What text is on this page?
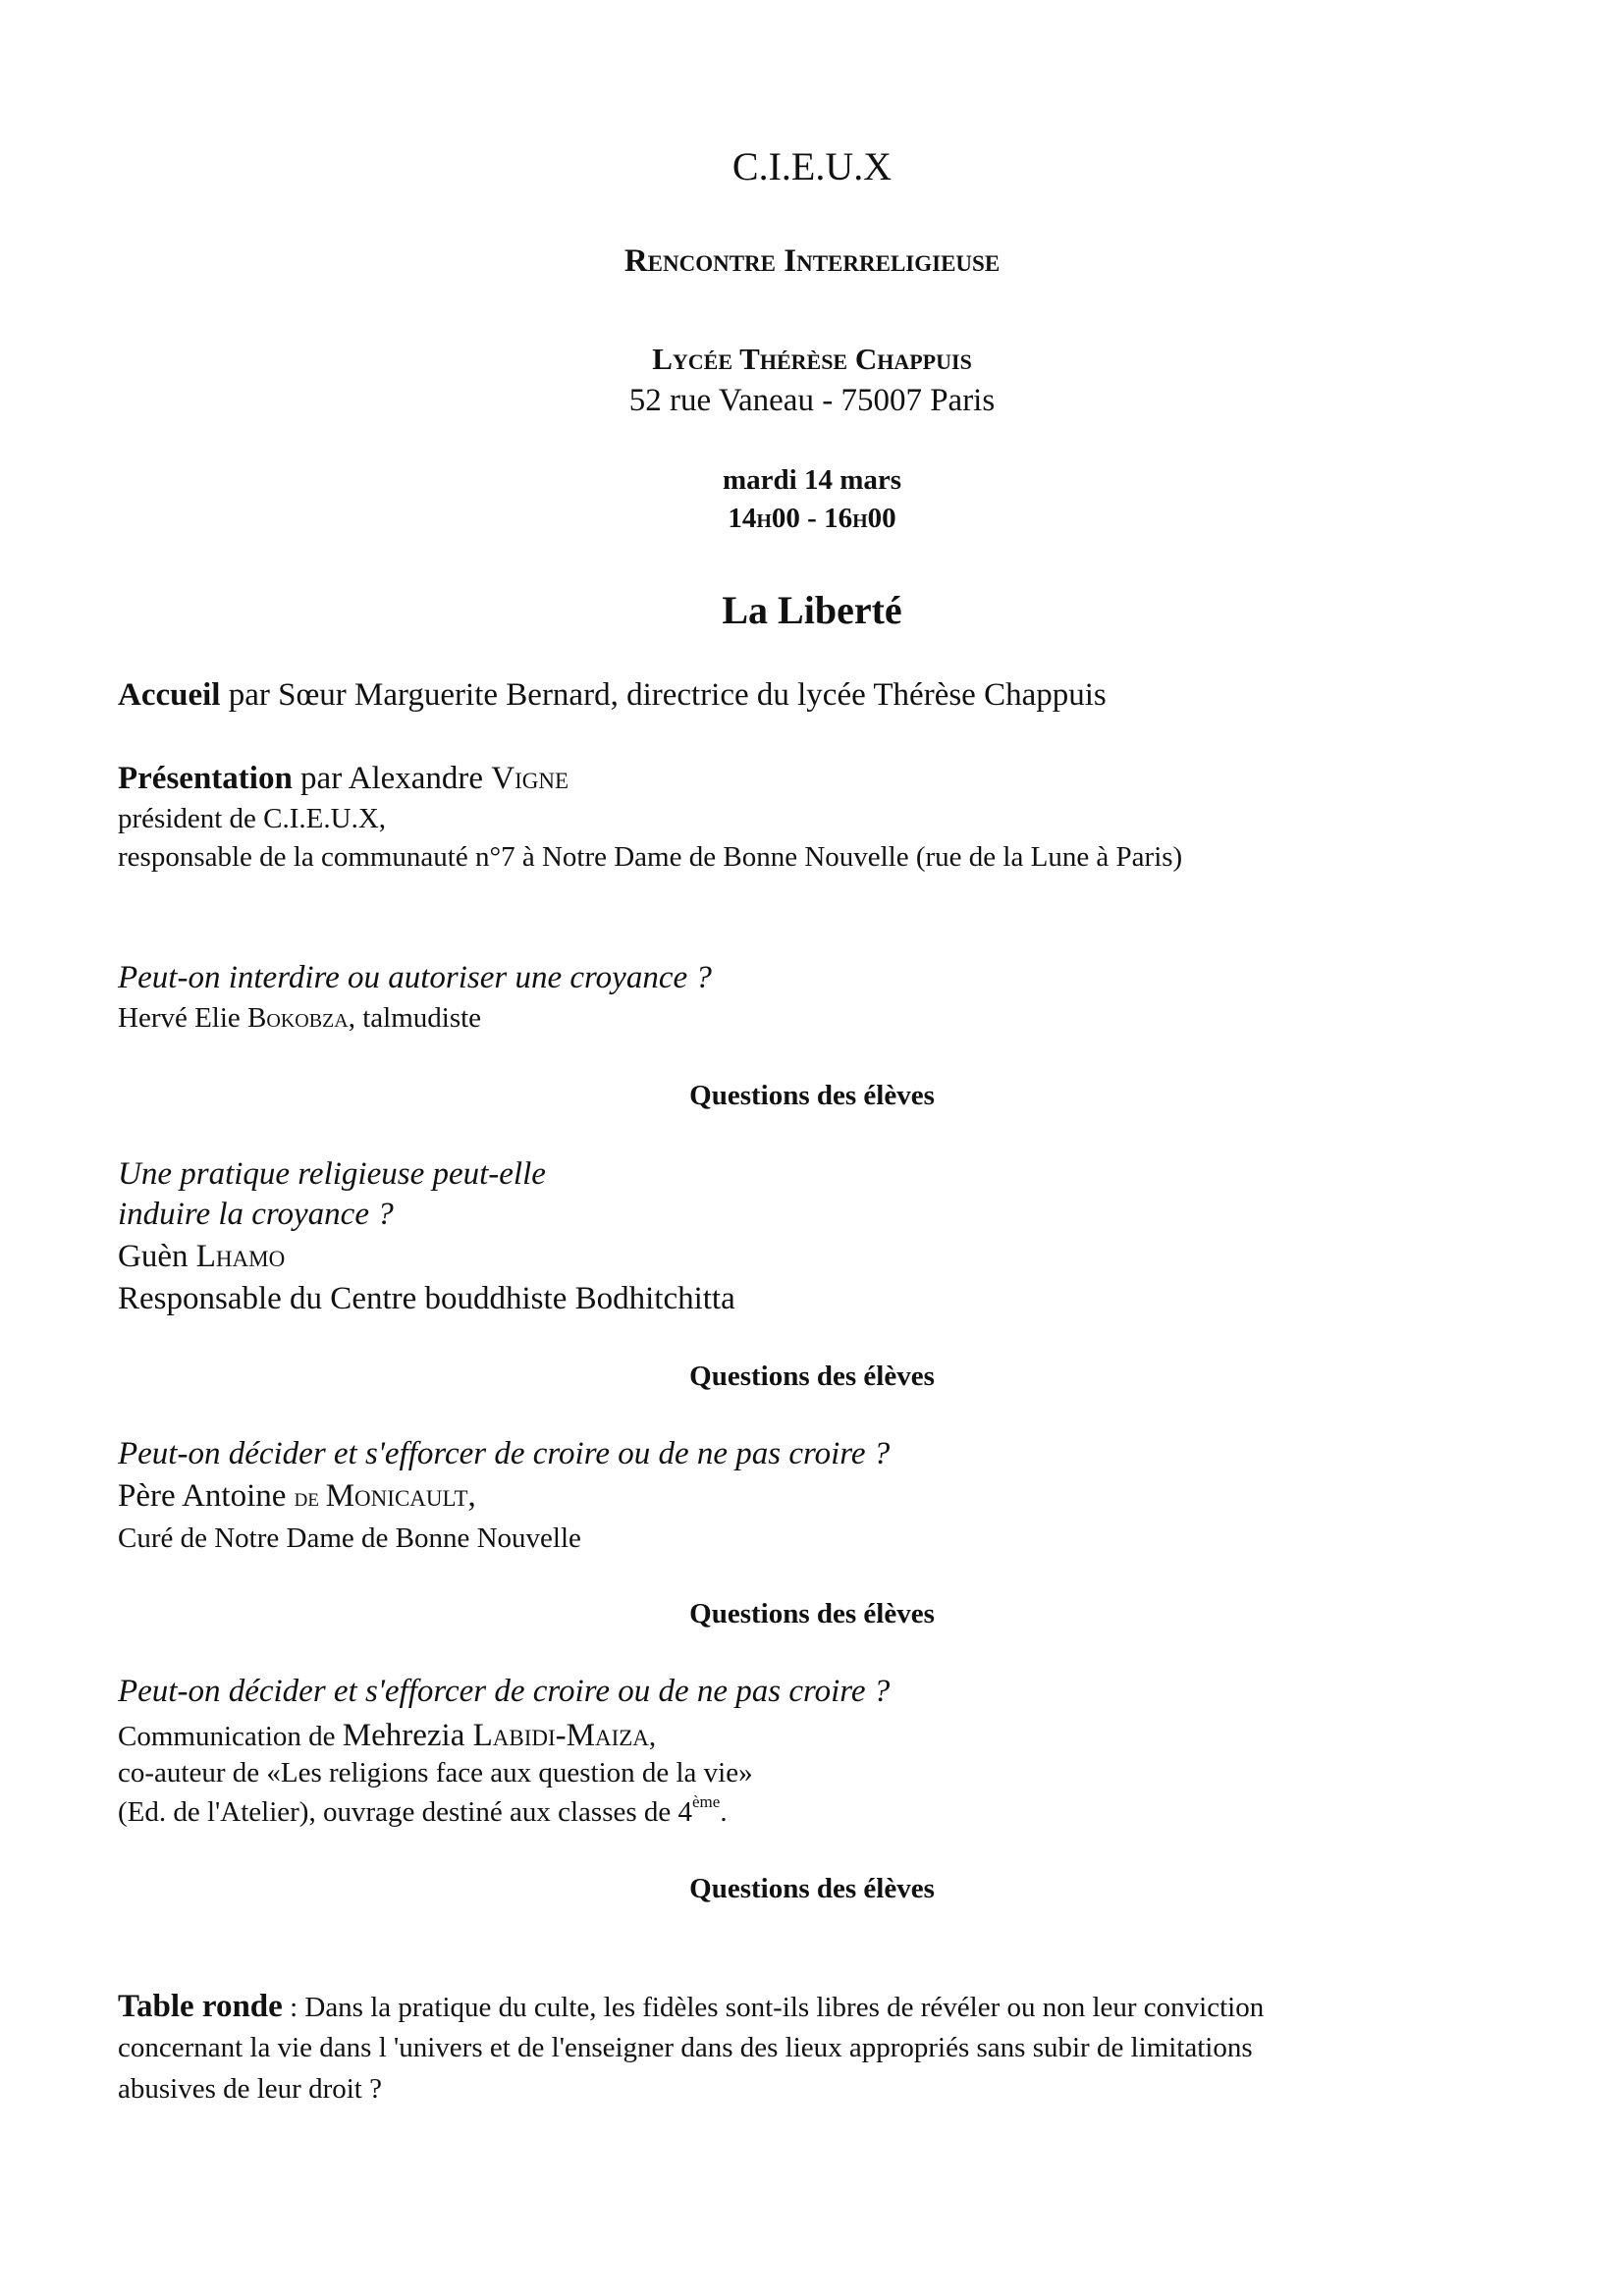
C.I.E.U.X
Rencontre Interreligieuse
Lycée Thérèse Chappuis
52 rue Vaneau - 75007 Paris
mardi 14 mars
14h00 - 16h00
La Liberté
Accueil par Sœur Marguerite Bernard, directrice du lycée Thérèse Chappuis
Présentation par Alexandre Vigne
président de C.I.E.U.X,
responsable de la communauté n°7 à Notre Dame de Bonne Nouvelle (rue de la Lune à Paris)
Peut-on interdire ou autoriser une croyance ?
Hervé Elie Bokobza, talmudiste
Questions des élèves
Une pratique religieuse peut-elle
induire la croyance ?
Guèn Lhamo
Responsable du Centre bouddhiste Bodhitchitta
Questions des élèves
Peut-on décider et s'efforcer de croire ou de ne pas croire ?
Père Antoine de Monicault,
Curé de Notre Dame de Bonne Nouvelle
Questions des élèves
Peut-on décider et s'efforcer de croire ou de ne pas croire ?
Communication de Mehrezia Labidi-Maiza,
co-auteur de «Les religions face aux question de la vie»
(Ed. de l'Atelier), ouvrage destiné aux classes de 4ème.
Questions des élèves
Table ronde : Dans la pratique du culte, les fidèles sont-ils libres de révéler ou non leur conviction
concernant la vie dans l 'univers et de l'enseigner dans des lieux appropriés sans subir de limitations
abusives de leur droit ?
